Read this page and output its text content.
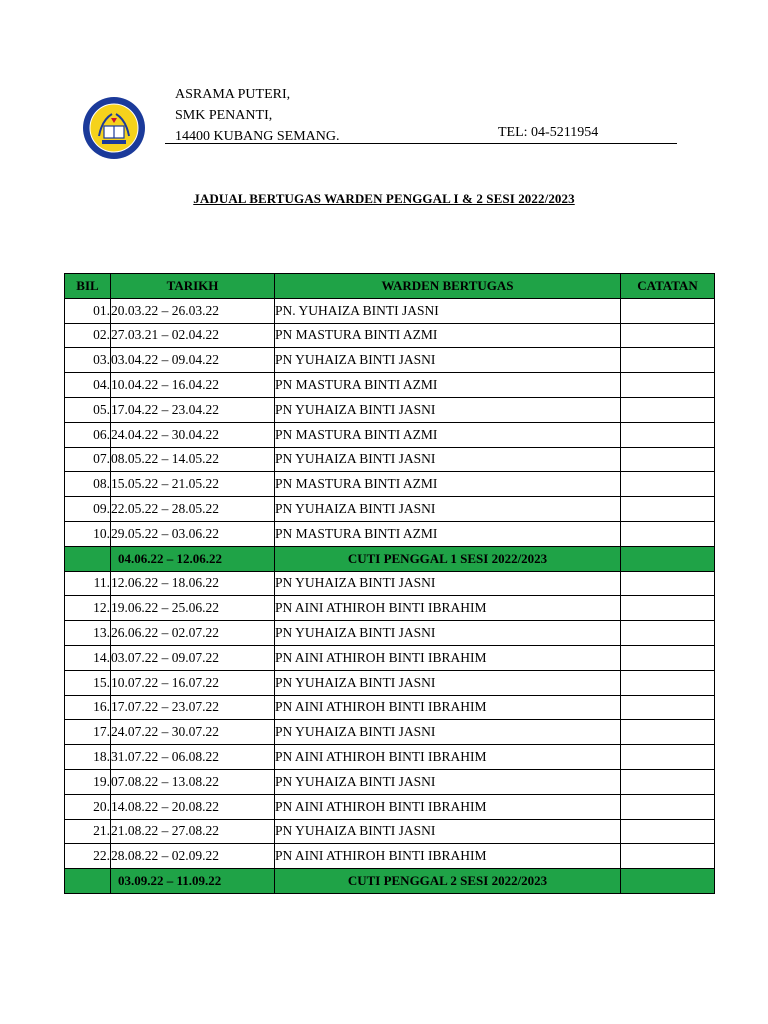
ASRAMA PUTERI,
SMK PENANTI,
14400 KUBANG SEMANG.	TEL: 04-5211954
JADUAL BERTUGAS WARDEN PENGGAL I & 2 SESI 2022/2023
BIL	TARIKH	WARDEN BERTUGAS	CATATAN
01.	20.03.22 – 26.03.22	PN. YUHAIZA BINTI JASNI	
02.	27.03.21 – 02.04.22	PN MASTURA BINTI AZMI	
03.	03.04.22 – 09.04.22	PN YUHAIZA BINTI JASNI	
04.	10.04.22 – 16.04.22	PN MASTURA BINTI AZMI	
05.	17.04.22 – 23.04.22	PN YUHAIZA BINTI JASNI	
06.	24.04.22 – 30.04.22	PN MASTURA BINTI AZMI	
07.	08.05.22 – 14.05.22	PN YUHAIZA BINTI JASNI	
08.	15.05.22 – 21.05.22	PN MASTURA BINTI AZMI	
09.	22.05.22 – 28.05.22	PN YUHAIZA BINTI JASNI	
10.	29.05.22 – 03.06.22	PN MASTURA BINTI AZMI	
	04.06.22 – 12.06.22	CUTI PENGGAL 1 SESI 2022/2023	
11.	12.06.22 – 18.06.22	PN YUHAIZA BINTI JASNI	
12.	19.06.22 – 25.06.22	PN AINI ATHIROH BINTI IBRAHIM	
13.	26.06.22 – 02.07.22	PN YUHAIZA BINTI JASNI	
14.	03.07.22 – 09.07.22	PN AINI ATHIROH BINTI IBRAHIM	
15.	10.07.22 – 16.07.22	PN YUHAIZA BINTI JASNI	
16.	17.07.22 – 23.07.22	PN AINI ATHIROH BINTI IBRAHIM	
17.	24.07.22 – 30.07.22	PN YUHAIZA BINTI JASNI	
18.	31.07.22 – 06.08.22	PN AINI ATHIROH BINTI IBRAHIM	
19.	07.08.22 – 13.08.22	PN YUHAIZA BINTI JASNI	
20.	14.08.22 – 20.08.22	PN AINI ATHIROH BINTI IBRAHIM	
21.	21.08.22 – 27.08.22	PN YUHAIZA BINTI JASNI	
22.	28.08.22 – 02.09.22	PN AINI ATHIROH BINTI IBRAHIM	
	03.09.22 – 11.09.22	CUTI PENGGAL 2 SESI 2022/2023	
